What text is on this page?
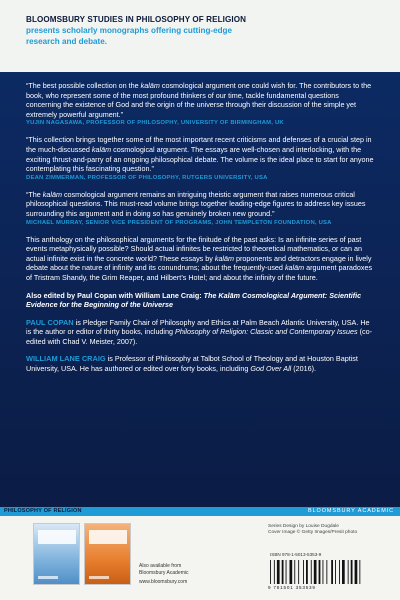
BLOOMSBURY STUDIES IN PHILOSOPHY OF RELIGION
presents scholarly monographs offering cutting-edge
research and debate.

“The best possible collection on the kalām cosmological argument one could wish for. The contributors to the book, who represent some of the most profound thinkers of our time, tackle fundamental questions concerning the existence of God and the origin of the universe through their discussion of the simple yet extremely powerful argument.”

YUJIN NAGASAWA, PROFESSOR OF PHILOSOPHY, UNIVERSITY OF BIRMINGHAM, UK

“This collection brings together some of the most important recent criticisms and defenses of a crucial step in the much-discussed kalām cosmological argument. The essays are well-chosen and interlocking, with the exciting thrust-and-parry of an ongoing philosophical debate. The volume is the ideal place to start for anyone contemplating this fascinating question.”

DEAN ZIMMERMAN, PROFESSOR OF PHILOSOPHY, RUTGERS UNIVERSITY, USA

“The kalām cosmological argument remains an intriguing theistic argument that raises numerous critical philosophical questions. This must-read volume brings together leading-edge figures to address key issues surrounding this argument and in doing so has genuinely broken new ground.”

MICHAEL MURRAY, SENIOR VICE PRESIDENT OF PROGRAMS, JOHN TEMPLETON FOUNDATION, USA

This anthology on the philosophical arguments for the finitude of the past asks: Is an infinite series of past events metaphysically possible? Should actual infinites be restricted to theoretical mathematics, or can an actual infinite exist in the concrete world? These essays by kalām proponents and detractors engage in lively debate about the nature of infinity and its conundrums; about the frequently-used kalām argument paradoxes of Tristram Shandy, the Grim Reaper, and Hilbert’s Hotel; and about the infinity of the future.

Also edited by Paul Copan with William Lane Craig: The Kalām Cosmological Argument: Scientific Evidence for the Beginning of the Universe

PAUL COPAN is Pledger Family Chair of Philosophy and Ethics at Palm Beach Atlantic University, USA. He is the author or editor of thirty books, including Philosophy of Religion: Classic and Contemporary Issues (co-edited with Chad V. Meister, 2007).

WILLIAM LANE CRAIG is Professor of Philosophy at Talbot School of Theology and at Houston Baptist University, USA. He has authored or edited over forty books, including God Over All (2016).

PHILOSOPHY OF RELIGION	BLOOMSBURY ACADEMIC
Also available from
Bloomsbury Academic
www.bloomsbury.com
Series Design by Louise Dugdale
Cover Image © Getty Images/Presit photo
ISBN 978-1-5013-5353-9
9 781501 353539
